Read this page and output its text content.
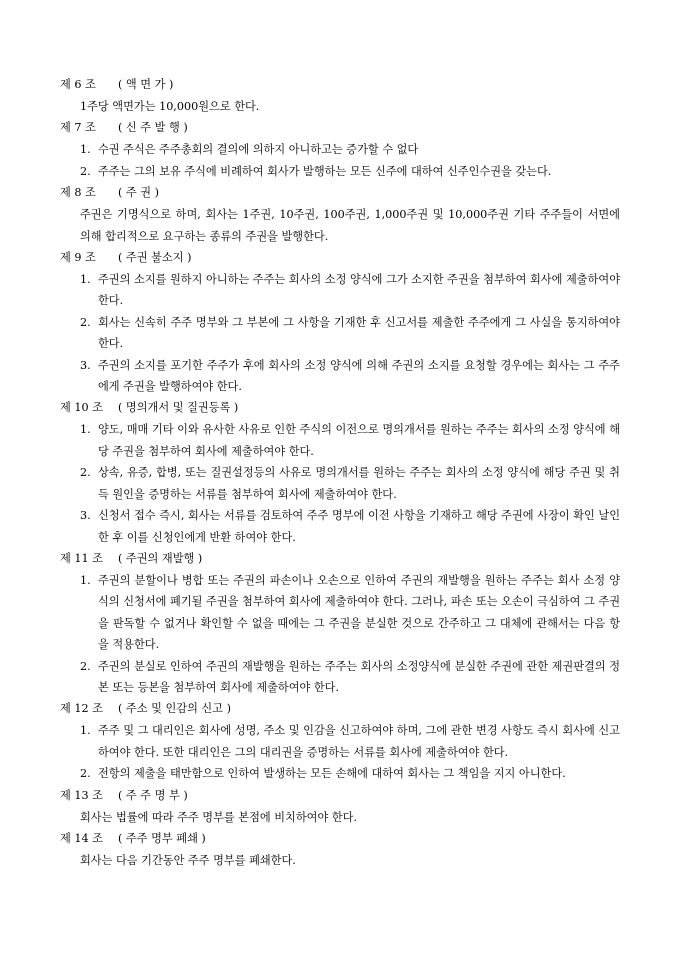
제 6 조 ( 액 면 가 )
1주당 액면가는 10,000원으로 한다.
제 7 조 ( 신 주 발 행 )
1. 수권 주식은 주주총회의 결의에 의하지 아니하고는 증가할 수 없다
2. 주주는 그의 보유 주식에 비례하여 회사가 발행하는 모든 신주에 대하여 신주인수권을 갖는다.
제 8 조 ( 주 권 )
주권은 기명식으로 하며, 회사는 1주권, 10주권, 100주권, 1,000주권 및 10,000주권 기타 주주들이 서면에 의해 합리적으로 요구하는 종류의 주권을 발행한다.
제 9 조 ( 주권 불소지 )
1. 주권의 소지를 원하지 아니하는 주주는 회사의 소정 양식에 그가 소지한 주권을 첨부하여 회사에 제출하여야 한다.
2. 회사는 신속히 주주 명부와 그 부본에 그 사항을 기재한 후 신고서를 제출한 주주에게 그 사실을 통지하여야 한다.
3. 주권의 소지를 포기한 주주가 후에 회사의 소정 양식에 의해 주권의 소지를 요청할 경우에는 회사는 그 주주에게 주권을 발행하여야 한다.
제 10 조 ( 명의개서 및 질권등록 )
1. 양도, 매매 기타 이와 유사한 사유로 인한 주식의 이전으로 명의개서를 원하는 주주는 회사의 소정 양식에 해당 주권을 첨부하여 회사에 제출하여야 한다.
2. 상속, 유증, 합병, 또는 질권설정등의 사유로 명의개서를 원하는 주주는 회사의 소정 양식에 해당 주권 및 취득 원인을 증명하는 서류를 첨부하여 회사에 제출하여야 한다.
3. 신청서 접수 즉시, 회사는 서류를 검토하여 주주 명부에 이전 사항을 기재하고 해당 주권에 사장이 확인 날인한 후 이를 신청인에게 반환 하여야 한다.
제 11 조 ( 주권의 재발행 )
1. 주권의 분할이나 병합 또는 주권의 파손이나 오손으로 인하여 주권의 재발행을 원하는 주주는 회사 소정 양식의 신청서에 폐기될 주권을 첨부하여 회사에 제출하여야 한다. 그러나, 파손 또는 오손이 극심하여 그 주권을 판독할 수 없거나 확인할 수 없을 때에는 그 주권을 분실한 것으로 간주하고 그 대체에 관해서는 다음 항을 적용한다.
2. 주권의 분실로 인하여 주권의 재발행을 원하는 주주는 회사의 소정양식에 분실한 주권에 관한 제권판결의 정본 또는 등본을 첨부하여 회사에 제출하여야 한다.
제 12 조 ( 주소 및 인감의 신고 )
1. 주주 및 그 대리인은 회사에 성명, 주소 및 인감을 신고하여야 하며, 그에 관한 변경 사항도 즉시 회사에 신고하여야 한다. 또한 대리인은 그의 대리권을 증명하는 서류를 회사에 제출하여야 한다.
2. 전항의 제출을 태만함으로 인하여 발생하는 모든 손해에 대하여 회사는 그 책임을 지지 아니한다.
제 13 조 ( 주 주 명 부 )
회사는 법률에 따라 주주 명부를 본점에 비치하여야 한다.
제 14 조 ( 주주 명부 폐쇄 )
회사는 다음 기간동안 주주 명부를 폐쇄한다.
